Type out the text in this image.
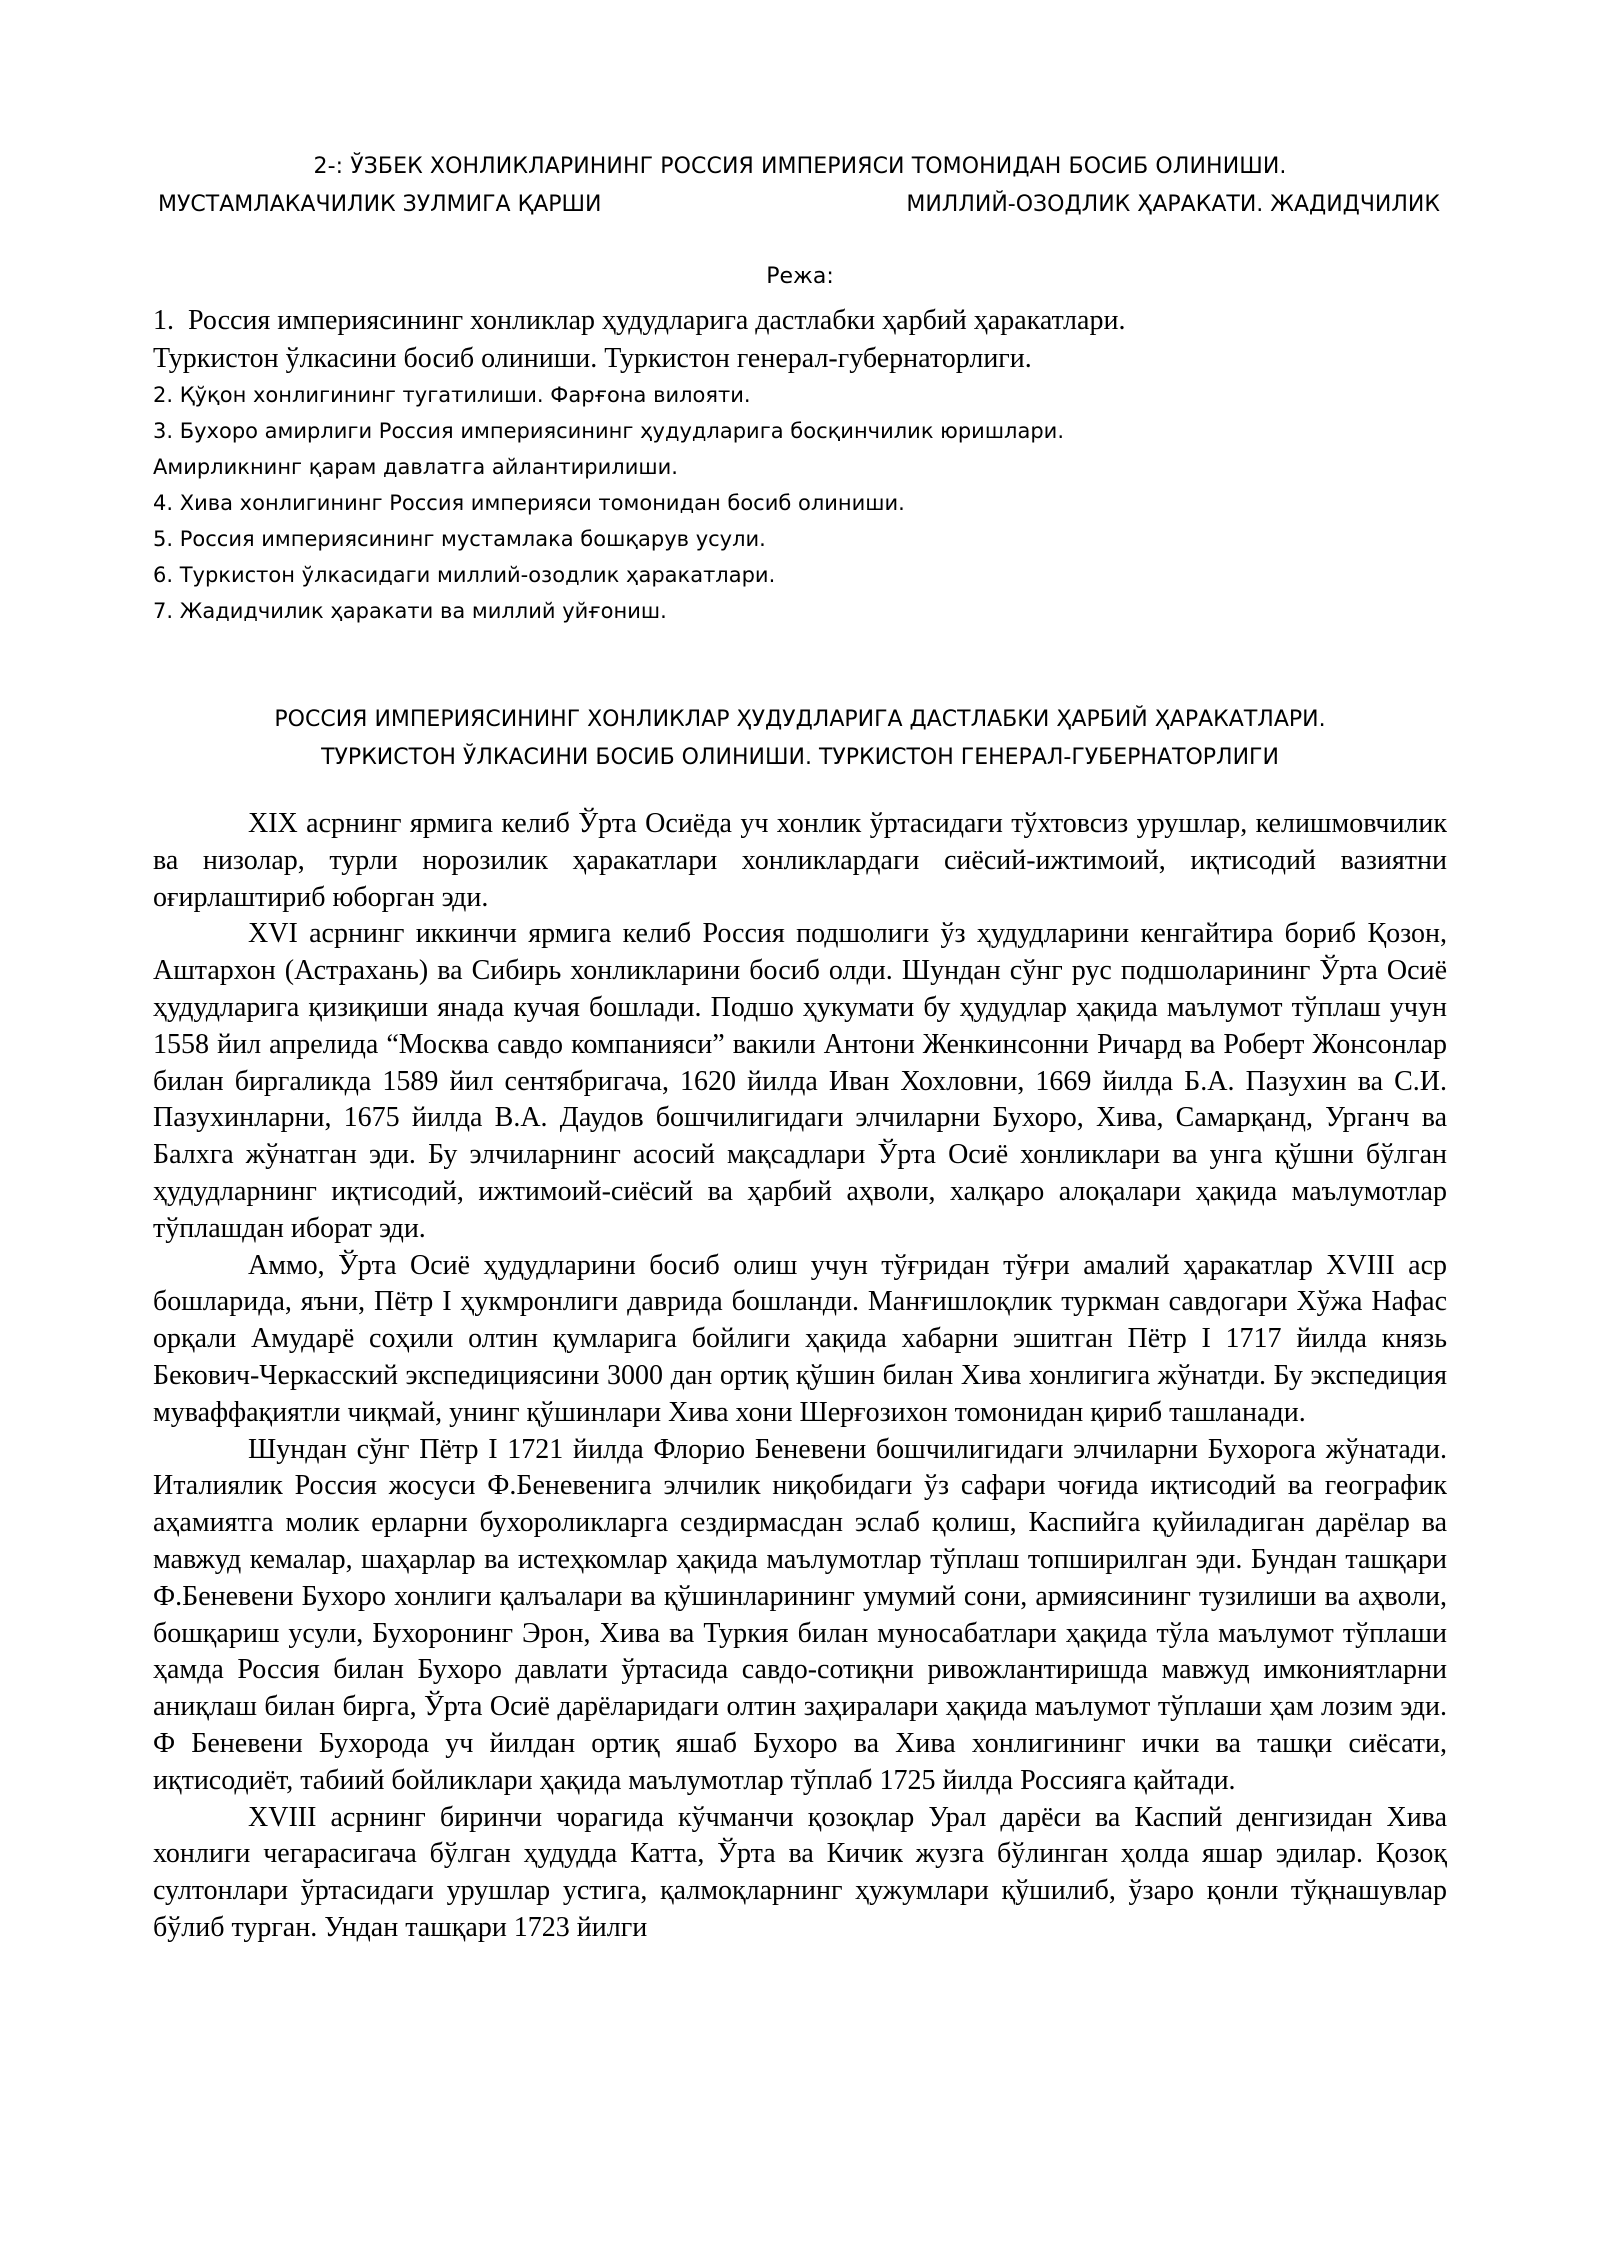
2-: ЎЗБЕК ХОНЛИКЛАРИНИНГ РОССИЯ ИМПЕРИЯСИ ТОМОНИДАН БОСИБ ОЛИНИШИ.
МУСТАМЛАКАЧИЛИК ЗУЛМИГА ҚАРШИ	МИЛЛИЙ-ОЗОДЛИК ҲАРАКАТИ. ЖАДИДЧИЛИК
Режа:
1. Россия империясининг хонликлар ҳудудларига дастлабки ҳарбий ҳаракатлари.
Туркистон ўлкасини босиб олиниши. Туркистон генерал-губернаторлиги.
2. Қўқон хонлигининг тугатилиши. Фарғона вилояти.
3. Бухоро амирлиги Россия империясининг ҳудудларига босқинчилик юришлари.
Амирликнинг қарам давлатга айлантирилиши.
4. Хива хонлигининг Россия империяси томонидан босиб олиниши.
5. Россия империясининг мустамлака бошқарув усули.
6. Туркистон ўлкасидаги миллий-озодлик ҳаракатлари.
7. Жадидчилик ҳаракати ва миллий уйғониш.
РОССИЯ ИМПЕРИЯСИНИНГ ХОНЛИКЛАР ҲУДУДЛАРИГА ДАСТЛАБКИ ҲАРБИЙ ҲАРАКАТЛАРИ.
ТУРКИСТОН ЎЛКАСИНИ БОСИБ ОЛИНИШИ. ТУРКИСТОН ГЕНЕРАЛ-ГУБЕРНАТОРЛИГИ

XIX асрнинг ярмига келиб Ўрта Осиёда уч хонлик ўртасидаги тўхтовсиз урушлар, келишмовчилик ва низолар, турли норозилик ҳаракатлари хонликлардаги сиёсий-ижтимоий, иқтисодий вазиятни оғирлаштириб юборган эди.

XVI асрнинг иккинчи ярмига келиб Россия подшолиги ўз ҳудудларини кенгайтира бориб Қозон, Аштархон (Астрахань) ва Сибирь хонликларини босиб олди. Шундан сўнг рус подшоларининг Ўрта Осиё ҳудудларига қизиқиши янада кучая бошлади. Подшо ҳукумати бу ҳудудлар ҳақида маълумот тўплаш учун 1558 йил апрелида “Москва савдо компанияси” вакили Антони Женкинсонни Ричард ва Роберт Жонсонлар билан биргаликда 1589 йил сентябригача, 1620 йилда Иван Хохловни, 1669 йилда Б.А. Пазухин ва С.И. Пазухинларни, 1675 йилда В.А. Даудов бошчилигидаги элчиларни Бухоро, Хива, Самарқанд, Урганч ва Балхга жўнатган эди. Бу элчиларнинг асосий мақсадлари Ўрта Осиё хонликлари ва унга қўшни бўлган ҳудудларнинг иқтисодий, ижтимоий-сиёсий ва ҳарбий аҳволи, халқаро алоқалари ҳақида маълумотлар тўплашдан иборат эди.

Аммо, Ўрта Осиё ҳудудларини босиб олиш учун тўғридан тўғри амалий ҳаракатлар XVIII аср бошларида, яъни, Пётр I ҳукмронлиги даврида бошланди. Манғишлоқлик туркман савдогари Хўжа Нафас орқали Амударё соҳили олтин қумларига бойлиги ҳақида хабарни эшитган Пётр I 1717 йилда князь Бекович-Черкасский экспедициясини 3000 дан ортиқ қўшин билан Хива хонлигига жўнатди. Бу экспедиция муваффақиятли чиқмай, унинг қўшинлари Хива хони Шерғозихон томонидан қириб ташланади.

Шундан сўнг Пётр I 1721 йилда Флорио Беневени бошчилигидаги элчиларни Бухорога жўнатади. Италиялик Россия жосуси Ф.Беневенига элчилик ниқобидаги ўз сафари чоғида иқтисодий ва географик аҳамиятга молик ерларни бухороликларга сездирмасдан эслаб қолиш, Каспийга қуйиладиган дарёлар ва мавжуд кемалар, шаҳарлар ва истеҳкомлар ҳақида маълумотлар тўплаш топширилган эди. Бундан ташқари Ф.Беневени Бухоро хонлиги қалъалари ва қўшинларининг умумий сони, армиясининг тузилиши ва аҳволи, бошқариш усули, Бухоронинг Эрон, Хива ва Туркия билан муносабатлари ҳақида тўла маълумот тўплаши ҳамда Россия билан Бухоро давлати ўртасида савдо-сотиқни ривожлантиришда мавжуд имкониятларни аниқлаш билан бирга, Ўрта Осиё дарёларидаги олтин заҳиралари ҳақида маълумот тўплаши ҳам лозим эди. Ф Беневени Бухорода уч йилдан ортиқ яшаб Бухоро ва Хива хонлигининг ички ва ташқи сиёсати, иқтисодиёт, табиий бойликлари ҳақида маълумотлар тўплаб 1725 йилда Россияга қайтади.

XVIII асрнинг биринчи чорагида кўчманчи қозоқлар Урал дарёси ва Каспий денгизидан Хива хонлиги чегарасигача бўлган ҳудудда Катта, Ўрта ва Кичик жузга бўлинган ҳолда яшар эдилар. Қозоқ султонлари ўртасидаги урушлар устига, қалмоқларнинг ҳужумлари қўшилиб, ўзаро қонли тўқнашувлар бўлиб турган. Ундан ташқари 1723 йилги
